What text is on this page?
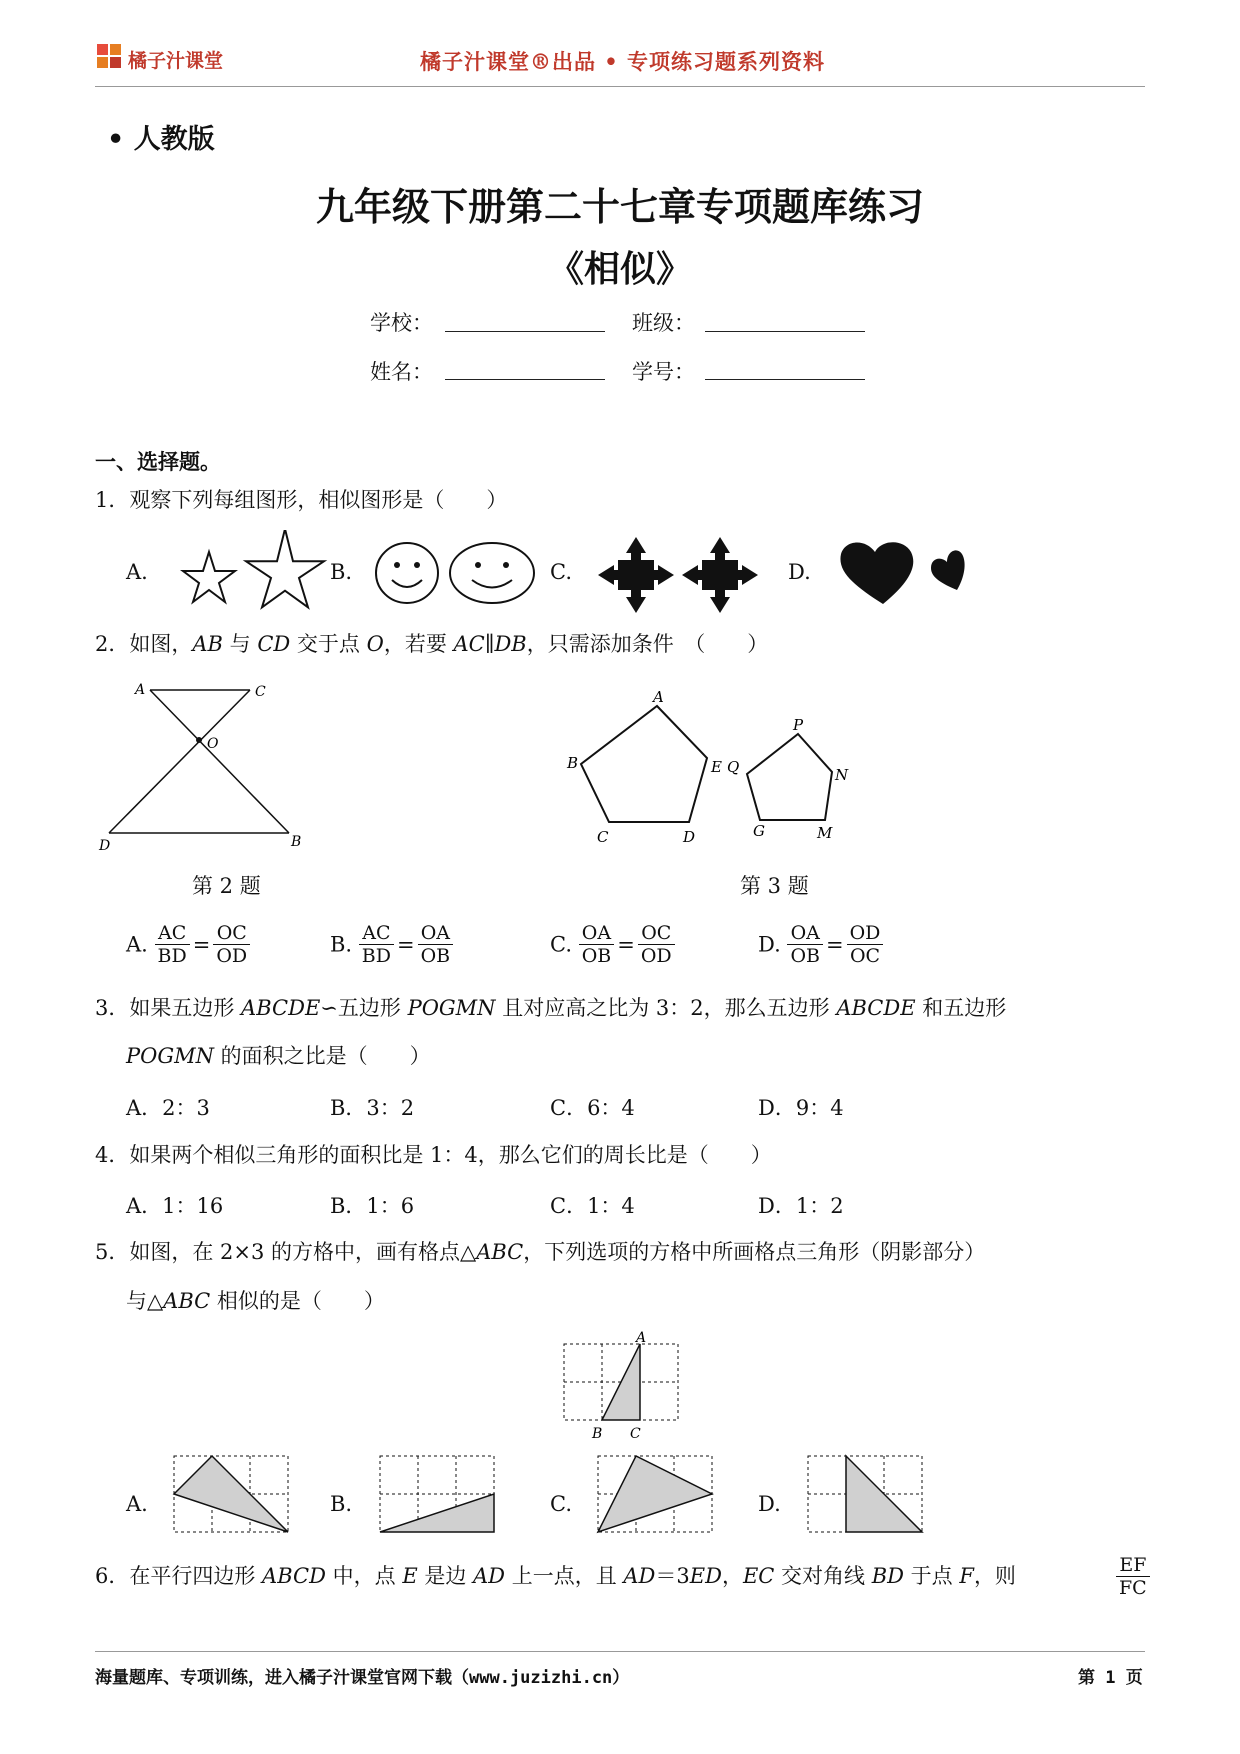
橘子汁课堂	橘子汁课堂®出品 • 专项练习题系列资料
• 人教版
九年级下册第二十七章专项题库练习
《相似》
学校：	班级：
姓名：	学号：
一、选择题。
1．观察下列每组图形，相似图形是（　　）
A.	B.	C.	D.
2．如图，AB 与 CD 交于点 O，若要 AC∥DB，只需添加条件　（　　）
A	C
O
D	B
A
B
C	D
E Q
P
N
M
G
第 2 题	第 3 题
A. $\frac{AC}{BD} = \frac{OC}{OD}$	B. $\frac{AC}{BD} = \frac{OA}{OB}$	C. $\frac{OA}{OB} = \frac{OC}{OD}$	D. $\frac{OA}{OB} = \frac{OD}{OC}$
3．如果五边形 ABCDE∽五边形 POGMN 且对应高之比为 3：2，那么五边形 ABCDE 和五边形
POGMN 的面积之比是（　　）
A．2：3	B．3：2	C．6：4	D．9：4
4．如果两个相似三角形的面积比是 1：4，那么它们的周长比是（　　）
A．1：16	B．1：6	C．1：4	D．1：2
5．如图，在 2×3 的方格中，画有格点△ABC，下列选项的方格中所画格点三角形（阴影部分）
与△ABC 相似的是（　　）
A
B C
A.	B.	C.	D.
6．在平行四边形 ABCD 中，点 E 是边 AD 上一点，且 AD＝3ED，EC 交对角线 BD 于点 F，则	$\frac{EF}{FC}$
海量题库、专项训练，进入橘子汁课堂官网下载（www.juzizhi.cn）	第 1 页
